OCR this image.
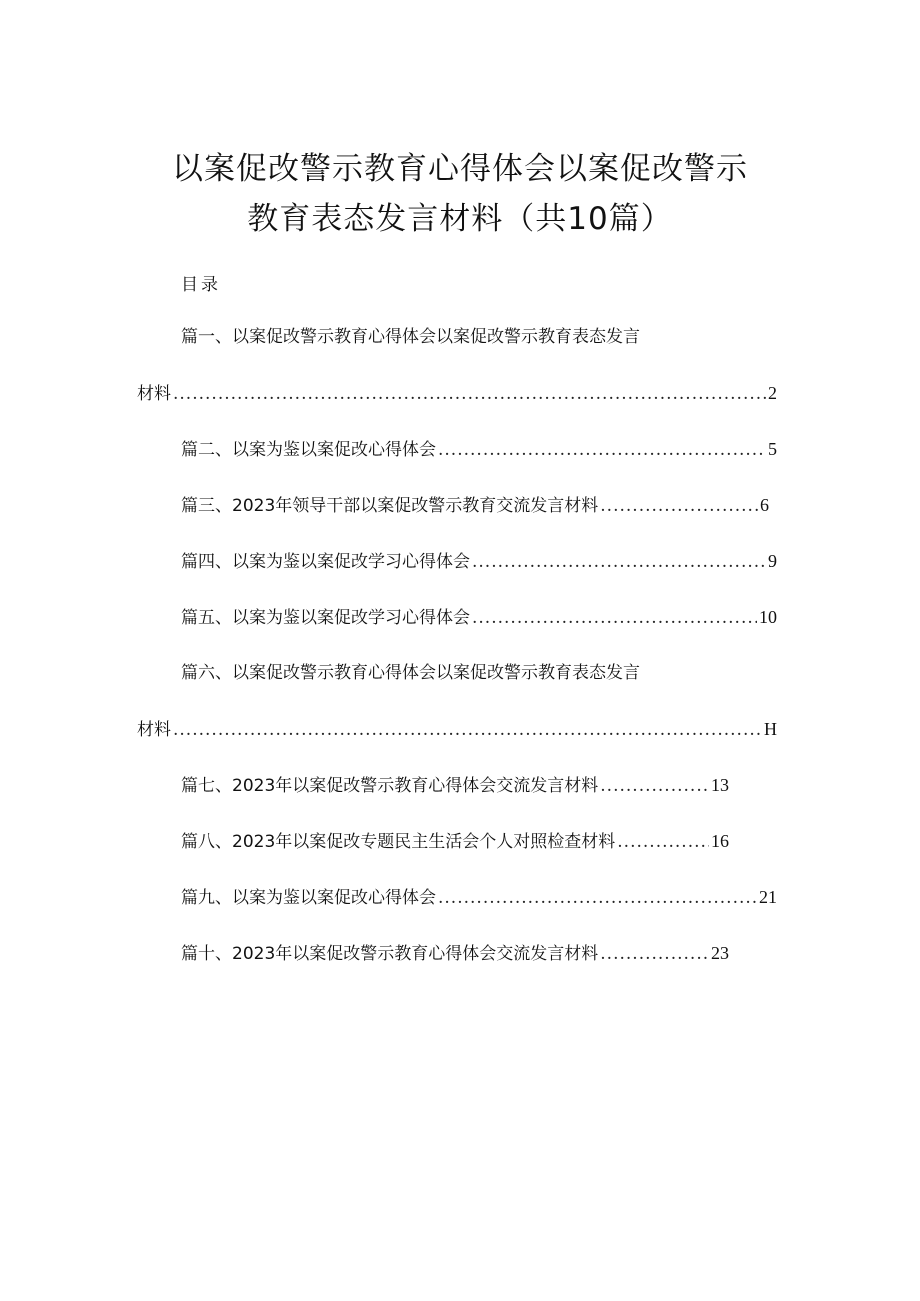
以案促改警示教育心得体会以案促改警示
教育表态发言材料（共10篇）
目录
篇一、以案促改警示教育心得体会以案促改警示教育表态发言
材料 .....	2
篇二、以案为鉴以案促改心得体会 .....	5
篇三、2023年领导干部以案促改警示教育交流发言材料 .....	6
篇四、以案为鉴以案促改学习心得体会 .....	9
篇五、以案为鉴以案促改学习心得体会 .....	10
篇六、以案促改警示教育心得体会以案促改警示教育表态发言
材料 .....	H
篇七、2023年以案促改警示教育心得体会交流发言材料 .....	13
篇八、2023年以案促改专题民主生活会个人对照检查材料 .....	16
篇九、以案为鉴以案促改心得体会 .....	21
篇十、2023年以案促改警示教育心得体会交流发言材料 .....	23
